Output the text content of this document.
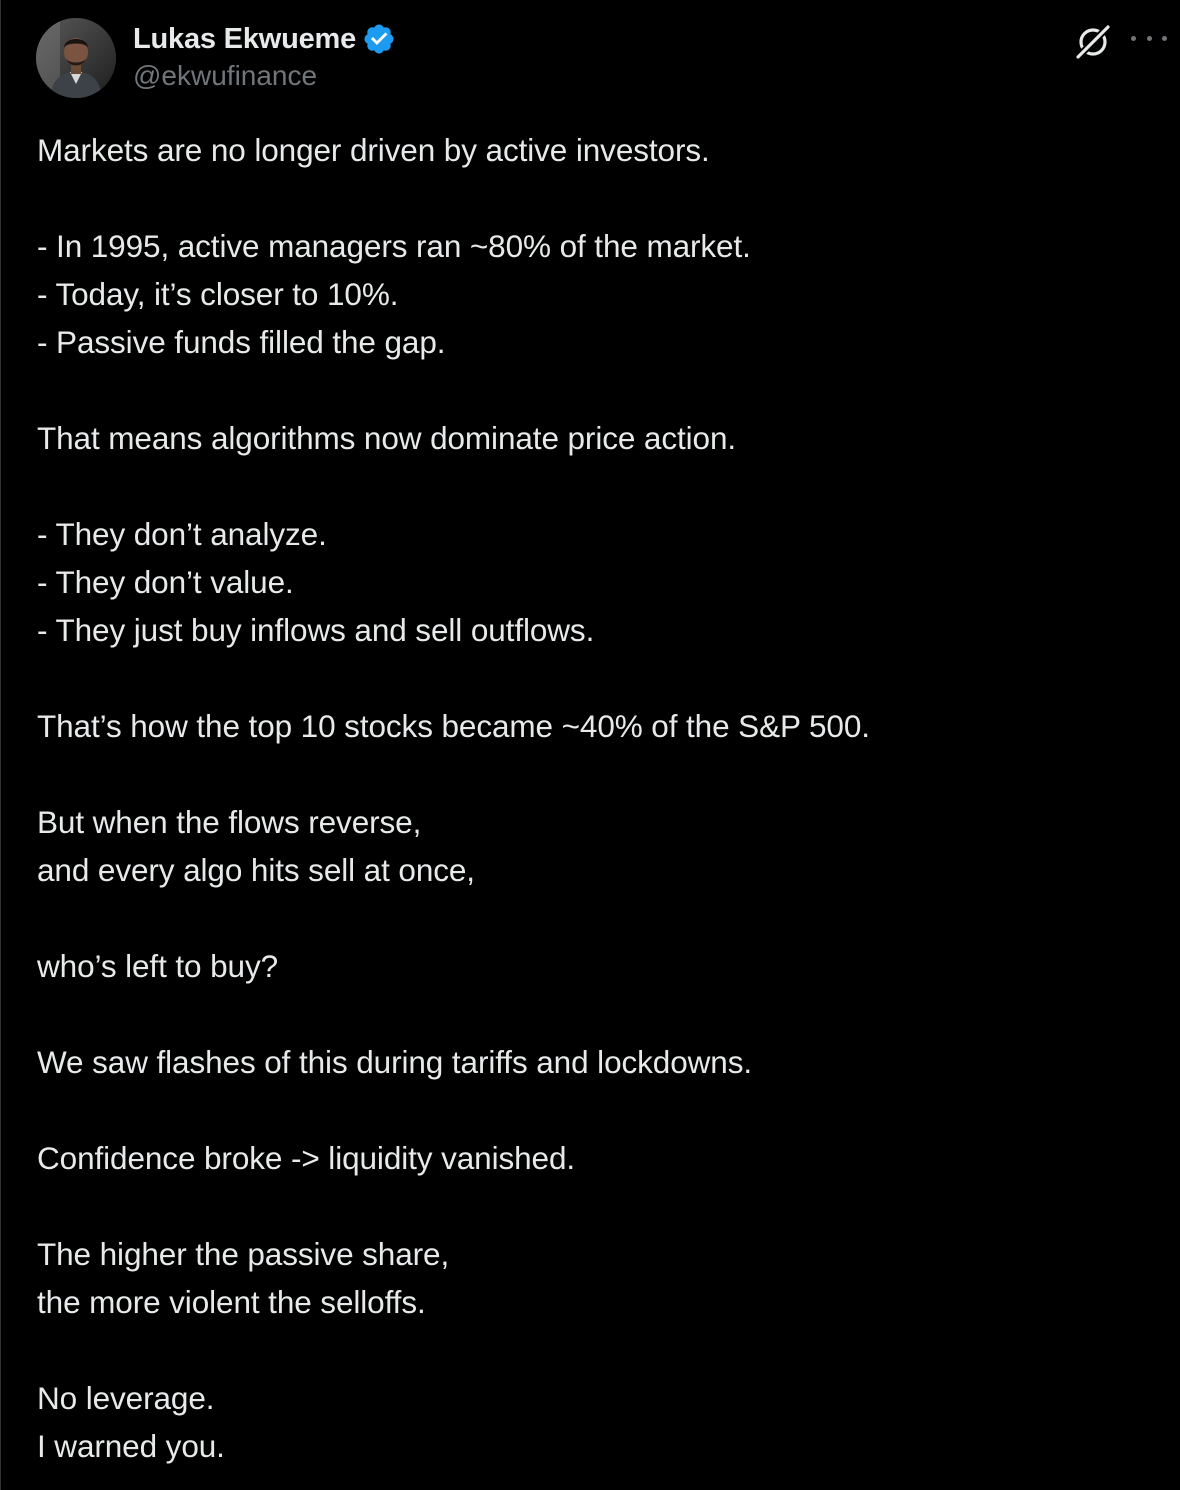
Lukas Ekwueme
@ekwufinance
Markets are no longer driven by active investors.
- In 1995, active managers ran ~80% of the market.
- Today, it’s closer to 10%.
- Passive funds filled the gap.
That means algorithms now dominate price action.
- They don’t analyze.
- They don’t value.
- They just buy inflows and sell outflows.
That’s how the top 10 stocks became ~40% of the S&P 500.
But when the flows reverse,
and every algo hits sell at once,
who’s left to buy?
We saw flashes of this during tariffs and lockdowns.
Confidence broke -> liquidity vanished.
The higher the passive share,
the more violent the selloffs.
No leverage.
I warned you.
